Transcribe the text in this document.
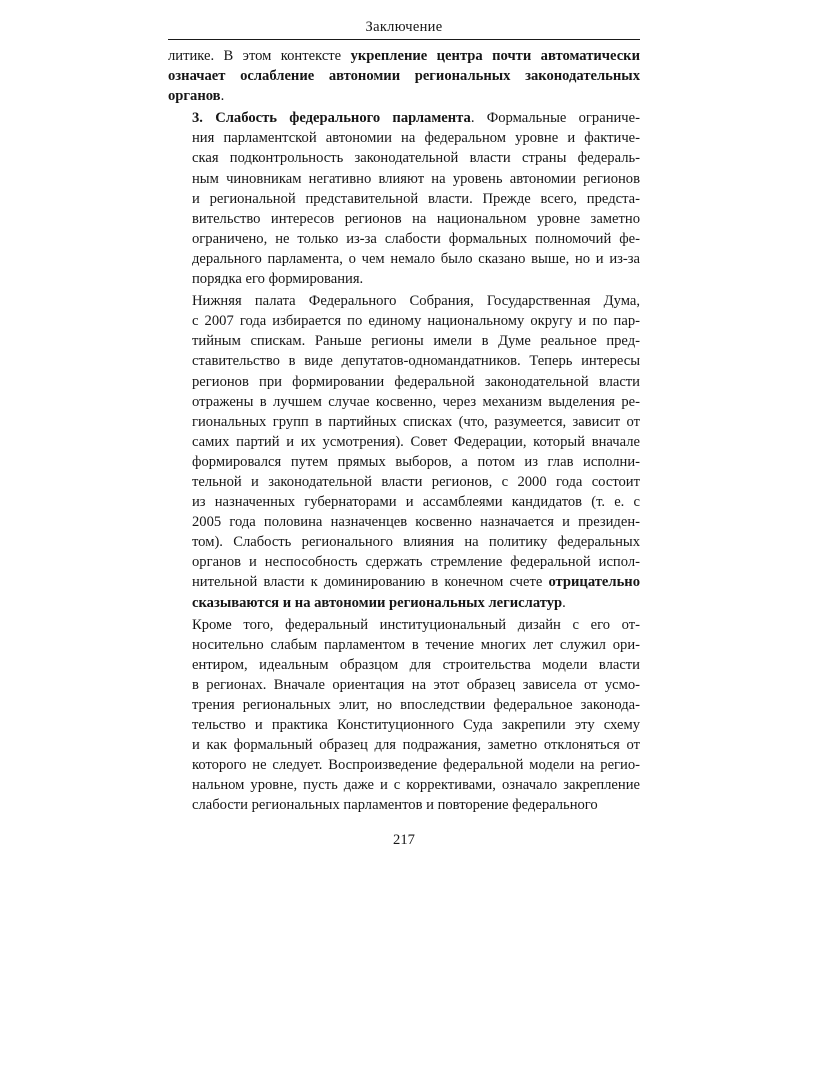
Заключение
литике. В этом контексте укрепление центра почти автоматически
означает ослабление автономии региональных законодательных
органов.
3. Слабость федерального парламента. Формальные ограниче-
ния парламентской автономии на федеральном уровне и фактиче-
ская подконтрольность законодательной власти страны федераль-
ным чиновникам негативно влияют на уровень автономии регионов
и региональной представительной власти. Прежде всего, предста-
вительство интересов регионов на национальном уровне заметно
ограничено, не только из-за слабости формальных полномочий фе-
дерального парламента, о чем немало было сказано выше, но и из-за
порядка его формирования.
Нижняя палата Федерального Собрания, Государственная Дума,
с 2007 года избирается по единому национальному округу и по пар-
тийным спискам. Раньше регионы имели в Думе реальное пред-
ставительство в виде депутатов-одномандатников. Теперь интересы
регионов при формировании федеральной законодательной власти
отражены в лучшем случае косвенно, через механизм выделения ре-
гиональных групп в партийных списках (что, разумеется, зависит от
самих партий и их усмотрения). Совет Федерации, который вначале
формировался путем прямых выборов, а потом из глав исполни-
тельной и законодательной власти регионов, с 2000 года состоит
из назначенных губернаторами и ассамблеями кандидатов (т. е. с
2005 года половина назначенцев косвенно назначается и президен-
том). Слабость регионального влияния на политику федеральных
органов и неспособность сдержать стремление федеральной испол-
нительной власти к доминированию в конечном счете отрицательно
сказываются и на автономии региональных легислатур.
Кроме того, федеральный институциональный дизайн с его от-
носительно слабым парламентом в течение многих лет служил ори-
ентиром, идеальным образцом для строительства модели власти
в регионах. Вначале ориентация на этот образец зависела от усмо-
трения региональных элит, но впоследствии федеральное законода-
тельство и практика Конституционного Суда закрепили эту схему
и как формальный образец для подражания, заметно отклоняться от
которого не следует. Воспроизведение федеральной модели на регио-
нальном уровне, пусть даже и с коррективами, означало закрепление
слабости региональных парламентов и повторение федерального
217
